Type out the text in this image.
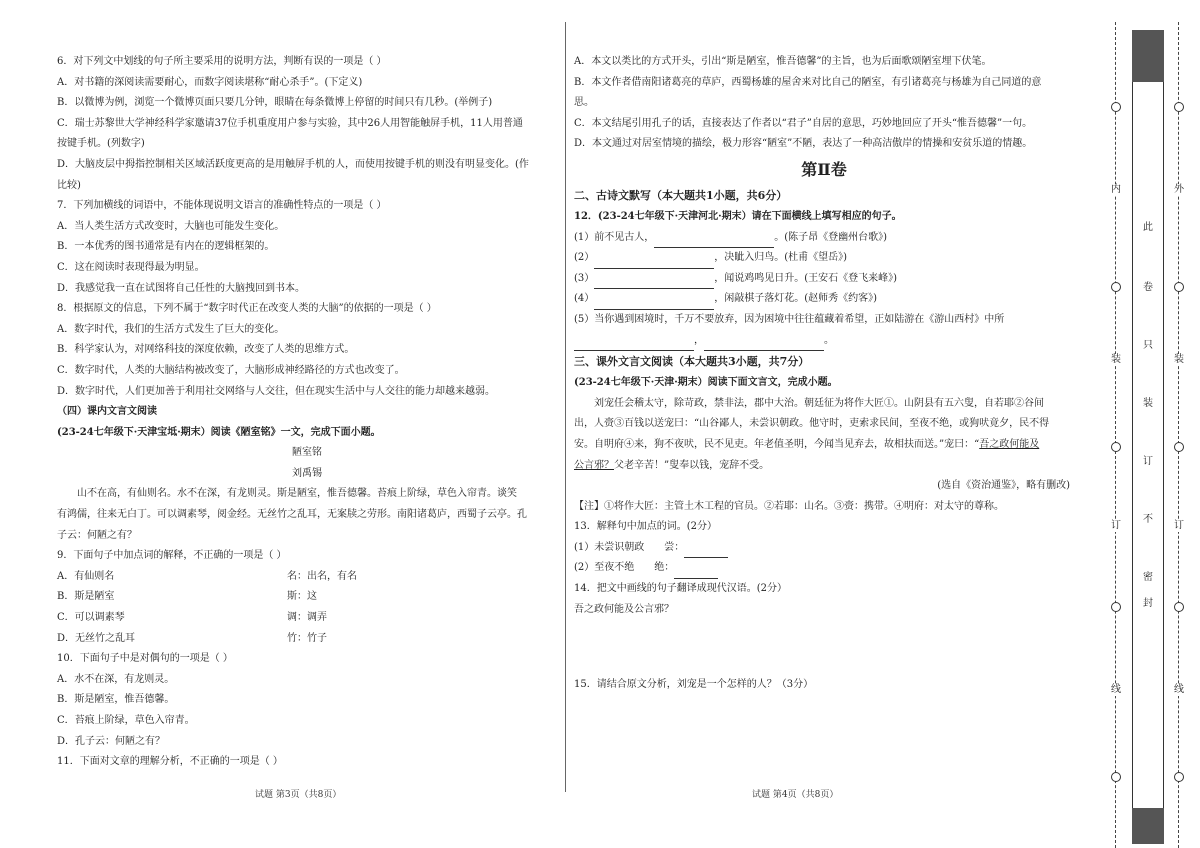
6．对下列文中划线的句子所主要采用的说明方法，判断有误的一项是（ ）

A．对书籍的深阅读需要耐心，而数字阅读堪称“耐心杀手”。(下定义)

B．以微博为例，浏览一个微博页面只要几分钟，眼睛在每条微博上停留的时间只有几秒。(举例子)

C．瑞士苏黎世大学神经科学家邀请37位手机重度用户参与实验，其中26人用智能触屏手机，11人用普通

按键手机。(列数字)

D．大脑皮层中拇指控制相关区域活跃度更高的是用触屏手机的人，而使用按键手机的则没有明显变化。(作

比较)

7．下列加横线的词语中，不能体现说明文语言的准确性特点的一项是（ ）

A．当人类生活方式改变时，大脑也可能发生变化。

B．一本优秀的图书通常是有内在的逻辑框架的。

C．这在阅读时表现得最为明显。

D．我感觉我一直在试图将自己任性的大脑拽回到书本。

8．根据原文的信息，下列不属于“数字时代正在改变人类的大脑”的依据的一项是（ ）

A．数字时代，我们的生活方式发生了巨大的变化。

B．科学家认为，对网络科技的深度依赖，改变了人类的思维方式。

C．数字时代，人类的大脑结构被改变了，大脑形成神经路径的方式也改变了。

D．数字时代，人们更加善于利用社交网络与人交往，但在现实生活中与人交往的能力却越来越弱。

（四）课内文言文阅读

(23-24七年级下·天津宝坻·期末）阅读《陋室铭》一文，完成下面小题。

陋室铭

刘禹锡

山不在高，有仙则名。水不在深，有龙则灵。斯是陋室，惟吾德馨。苔痕上阶绿，草色入帘青。谈笑

有鸿儒，往来无白丁。可以调素琴，阅金经。无丝竹之乱耳，无案牍之劳形。南阳诸葛庐，西蜀子云亭。孔

子云：何陋之有？

9．下面句子中加点词的解释，不正确的一项是（ ）

A．有仙则名	名：出名，有名

B．斯是陋室	斯：这

C．可以调素琴	调：调弄

D．无丝竹之乱耳	竹：竹子

10．下面句子中是对偶句的一项是（ ）

A．水不在深，有龙则灵。

B．斯是陋室，惟吾德馨。

C．苔痕上阶绿，草色入帘青。

D．孔子云：何陋之有？

11．下面对文章的理解分析，不正确的一项是（ ）

试题 第3页（共8页）

A．本文以类比的方式开头，引出“斯是陋室，惟吾德馨”的主旨，也为后面歌颂陋室埋下伏笔。

B．本文作者借南阳诸葛亮的草庐，西蜀杨雄的屋舍来对比自己的陋室，有引诸葛亮与杨雄为自己同道的意

思。

C．本文结尾引用孔子的话，直接表达了作者以“君子”自居的意思，巧妙地回应了开头“惟吾德馨”一句。

D．本文通过对居室情境的描绘，极力形容“陋室”不陋，表达了一种高洁傲岸的情操和安贫乐道的情趣。

第Ⅱ卷

二、古诗文默写（本大题共1小题，共6分）

12．(23-24七年级下·天津河北·期末）请在下面横线上填写相应的句子。

(1）前不见古人，	。(陈子昂《登幽州台歌》)

(2）	，决眦入归鸟。(杜甫《望岳》)

(3）	，闻说鸡鸣见日升。(王安石《登飞来峰》)

(4）	，闲敲棋子落灯花。(赵师秀《约客》)

(5）当你遇到困境时，千万不要放弃，因为困境中往往蕴藏着希望，正如陆游在《游山西村》中所

，	。

三、课外文言文阅读（本大题共3小题，共7分）

(23-24七年级下·天津·期末）阅读下面文言文，完成小题。

刘宠任会稽太守，除苛政，禁非法，郡中大治。朝廷征为将作大匠①。山阴县有五六叟，自若耶②谷间

出，人赍③百钱以送宠曰：“山谷鄙人，未尝识朝政。他守时，吏索求民间，至夜不绝，或狗吠竟夕，民不得

安。自明府④来，狗不夜吠，民不见吏。年老值圣明，今闻当见弃去，故相扶而送。”宠曰：“吾之政何能及

公言邪？父老辛苦！”叟奉以钱，宠辞不受。

(选自《资治通鉴》，略有删改)

【注】①将作大匠：主管土木工程的官员。②若耶：山名。③赍：携带。④明府：对太守的尊称。

13．解释句中加点的词。(2分）

(1）未尝识朝政　　尝：

(2）至夜不绝　　绝：

14．把文中画线的句子翻译成现代汉语。(2分）

吾之政何能及公言邪？

15．请结合原文分析，刘宠是一个怎样的人？（3分）

试题 第4页（共8页）
内
装
订
线
外
装
订
线
此
卷
只
装
订
不
密
封
